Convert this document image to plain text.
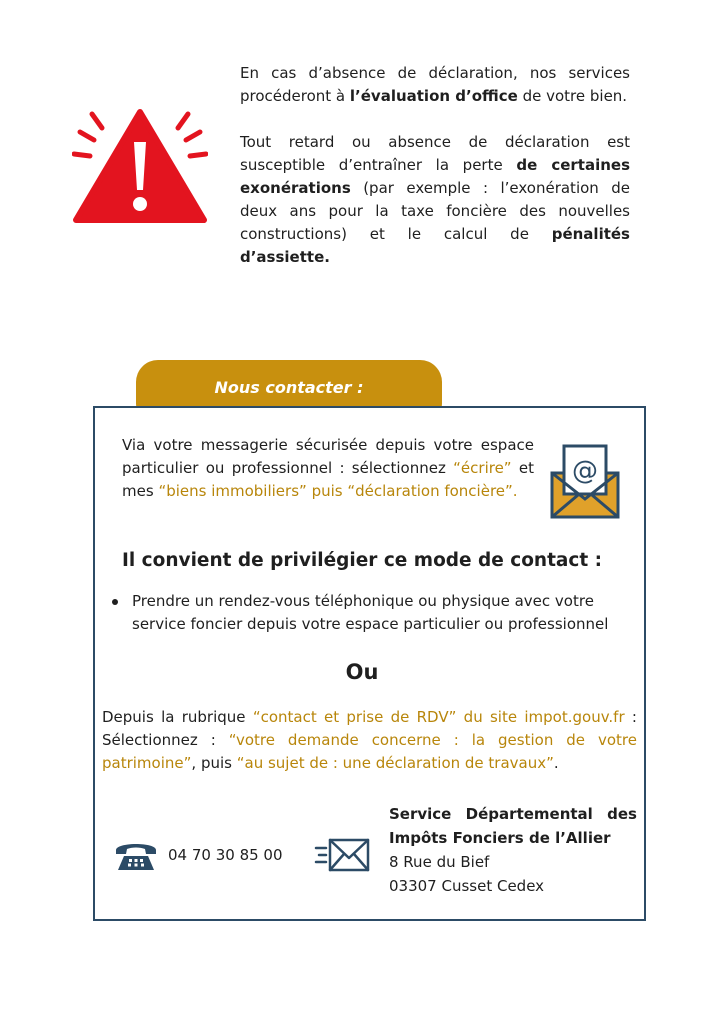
En cas d’absence de déclaration, nos services procéderont à l’évaluation d’office de votre bien.

Tout retard ou absence de déclaration est susceptible d’entraîner la perte de certaines exonérations (par exemple : l’exonération de deux ans pour la taxe foncière des nouvelles constructions) et le calcul de pénalités d’assiette.

Nous contacter :
Via votre messagerie sécurisée depuis votre espace particulier ou professionnel : sélectionnez “écrire” et mes “biens immobiliers” puis “déclaration foncière”.
@
Il convient de privilégier ce mode de contact :
Prendre un rendez-vous téléphonique ou physique avec votre service foncier depuis votre espace particulier ou professionnel
Ou
Depuis la rubrique “contact et prise de RDV” du site impot.gouv.fr : Sélectionnez : “votre demande concerne : la gestion de votre patrimoine”, puis “au sujet de : une déclaration de travaux”.
04 70 30 85 00
Service Départemental des
Impôts Fonciers de l’Allier
8 Rue du Bief
03307 Cusset Cedex
